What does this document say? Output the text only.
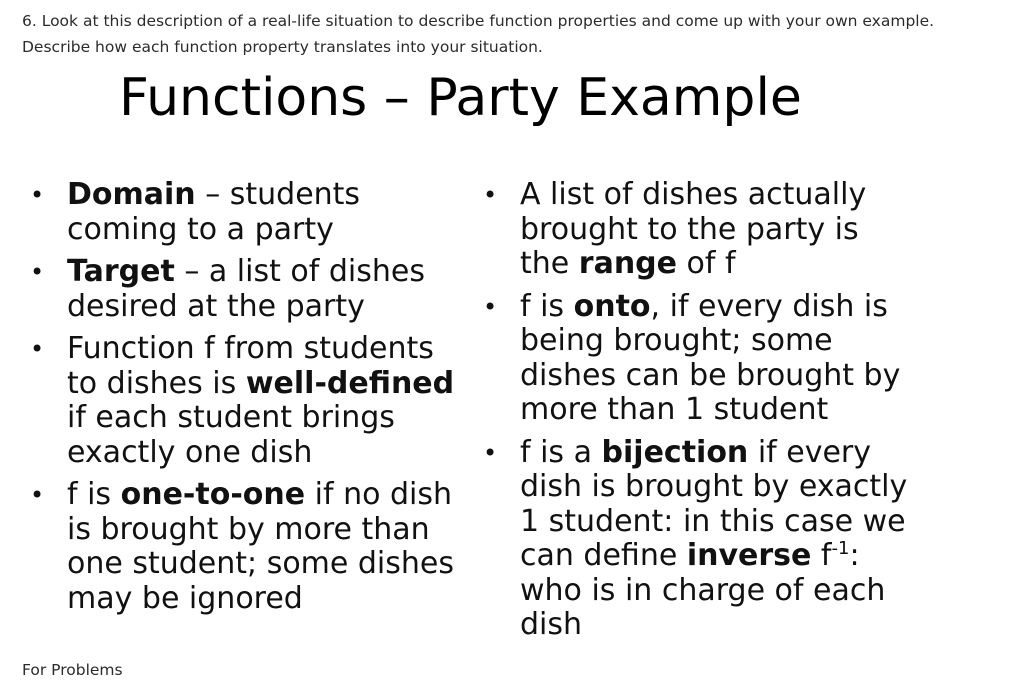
6. Look at this description of a real-life situation to describe function properties and come up with your own example.
Describe how each function property translates into your situation.
Functions – Party Example
• Domain – students coming to a party
• Target – a list of dishes desired at the party
• Function f from students to dishes is well-defined if each student brings exactly one dish
• f is one-to-one if no dish is brought by more than one student; some dishes may be ignored
• A list of dishes actually brought to the party is the range of f
• f is onto, if every dish is being brought; some dishes can be brought by more than 1 student
• f is a bijection if every dish is brought by exactly 1 student: in this case we can define inverse $f^{-1}$: who is in charge of each dish
For Problems
